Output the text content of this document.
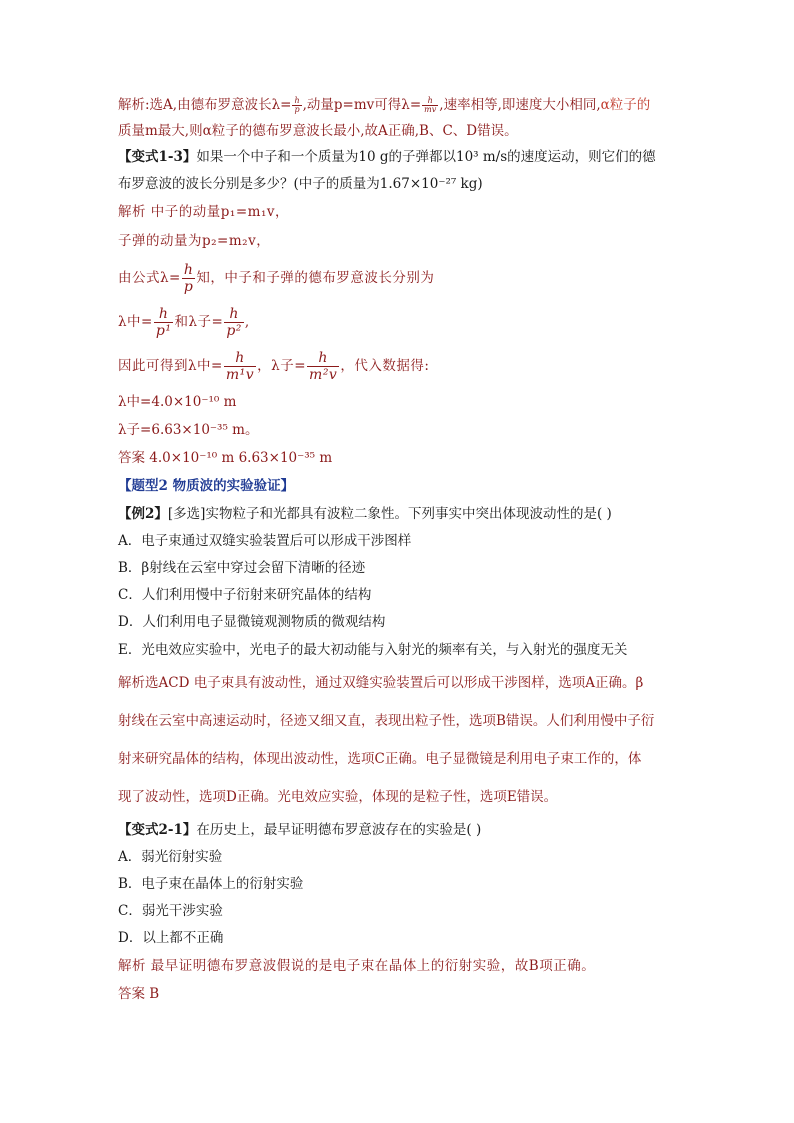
解析:选A,由德布罗意波长$\lambda= \frac{h}{p}$ ,动量p=mv可得$\lambda= \frac{h}{mv}$ ,速率相等,即速度大小相同,α粒子的
质量m最大,则α粒子的德布罗意波长最小,故A正确,B、C、D错误。
【变式1-3】如果一个中子和一个质量为10 g的子弹都以10³ m/s的速度运动，则它们的德
布罗意波的波长分别是多少？(中子的质量为1.67×10⁻²⁷ kg)
解析 中子的动量p₁=m₁v，
子弹的动量为p₂=m₂v，
由公式$\lambda= \frac{h}{p}$ 知，中子和子弹的德布罗意波长分别为
λ中= $\frac{h}{\text{p¹}}$ 和λ子= $\frac{h}{\text{p²}}$ ,
因此可得到λ中= $\frac{h}{\text{m¹v}}$ ，λ子= $\frac{h}{\text{m²v}}$ ，代入数据得:
λ中=4.0×10⁻¹⁰ m
λ子=6.63×10⁻³⁵ m。
答案 4.0×10⁻¹⁰ m 6.63×10⁻³⁵ m
【题型2 物质波的实验验证】
【例2】[多选]实物粒子和光都具有波粒二象性。下列事实中突出体现波动性的是( )
A．电子束通过双缝实验装置后可以形成干涉图样
B．β射线在云室中穿过会留下清晰的径迹
C．人们利用慢中子衍射来研究晶体的结构
D．人们利用电子显微镜观测物质的微观结构
E．光电效应实验中，光电子的最大初动能与入射光的频率有关，与入射光的强度无关
解析选ACD 电子束具有波动性，通过双缝实验装置后可以形成干涉图样，选项A正确。β
射线在云室中高速运动时，径迹又细又直，表现出粒子性，选项B错误。人们利用慢中子衍
射来研究晶体的结构，体现出波动性，选项C正确。电子显微镜是利用电子束工作的，体
现了波动性，选项D正确。光电效应实验，体现的是粒子性，选项E错误。
【变式2-1】在历史上，最早证明德布罗意波存在的实验是( )
A．弱光衍射实验
B．电子束在晶体上的衍射实验
C．弱光干涉实验
D．以上都不正确
解析 最早证明德布罗意波假说的是电子束在晶体上的衍射实验，故B项正确。
答案 B
